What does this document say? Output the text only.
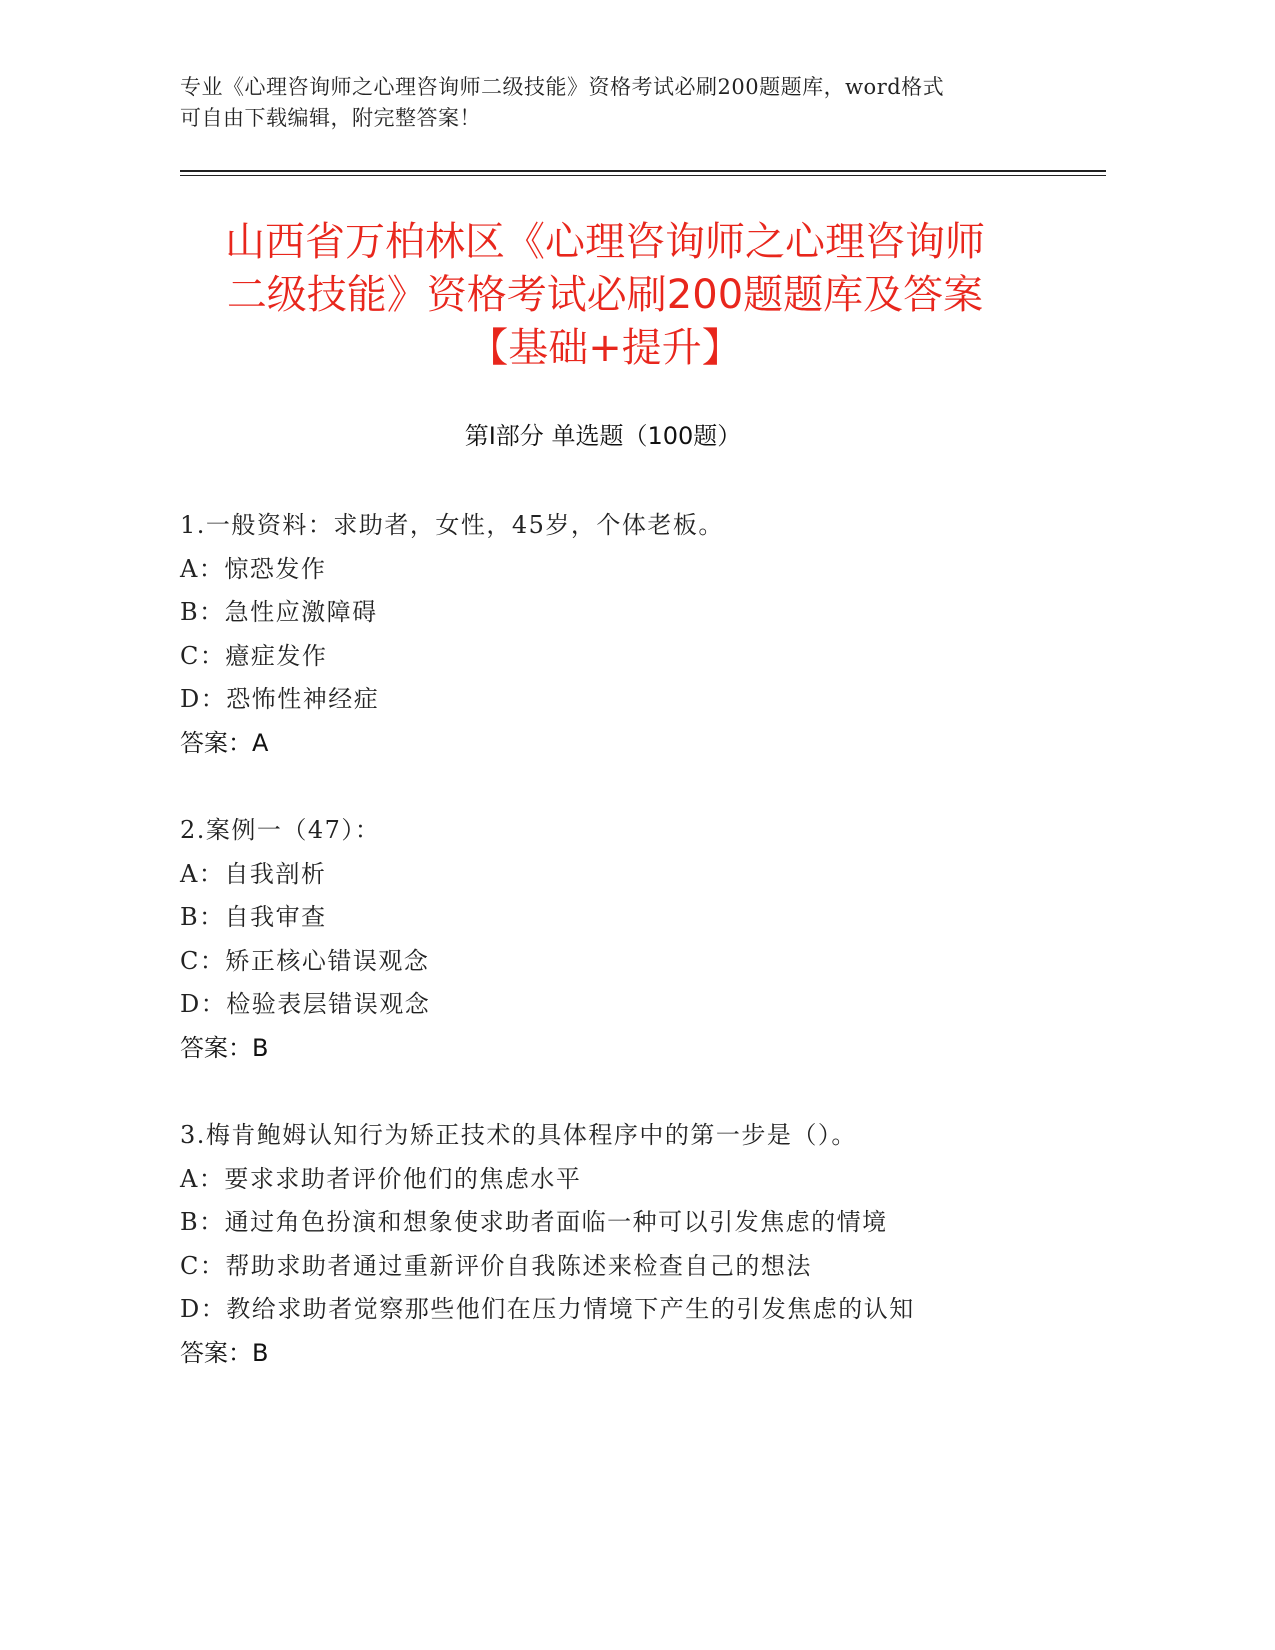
专业《心理咨询师之心理咨询师二级技能》资格考试必刷200题题库，word格式
可自由下载编辑，附完整答案！
山西省万柏林区《心理咨询师之心理咨询师
二级技能》资格考试必刷200题题库及答案
【基础+提升】
第Ⅰ部分 单选题（100题）
1.一般资料：求助者，女性，45岁，个体老板。
A：惊恐发作
B：急性应激障碍
C：癔症发作
D：恐怖性神经症
答案：A
2.案例一（47）：
A：自我剖析
B：自我审查
C：矫正核心错误观念
D：检验表层错误观念
答案：B
3.梅肯鲍姆认知行为矫正技术的具体程序中的第一步是（）。
A：要求求助者评价他们的焦虑水平
B：通过角色扮演和想象使求助者面临一种可以引发焦虑的情境
C：帮助求助者通过重新评价自我陈述来检查自己的想法
D：教给求助者觉察那些他们在压力情境下产生的引发焦虑的认知
答案：B
